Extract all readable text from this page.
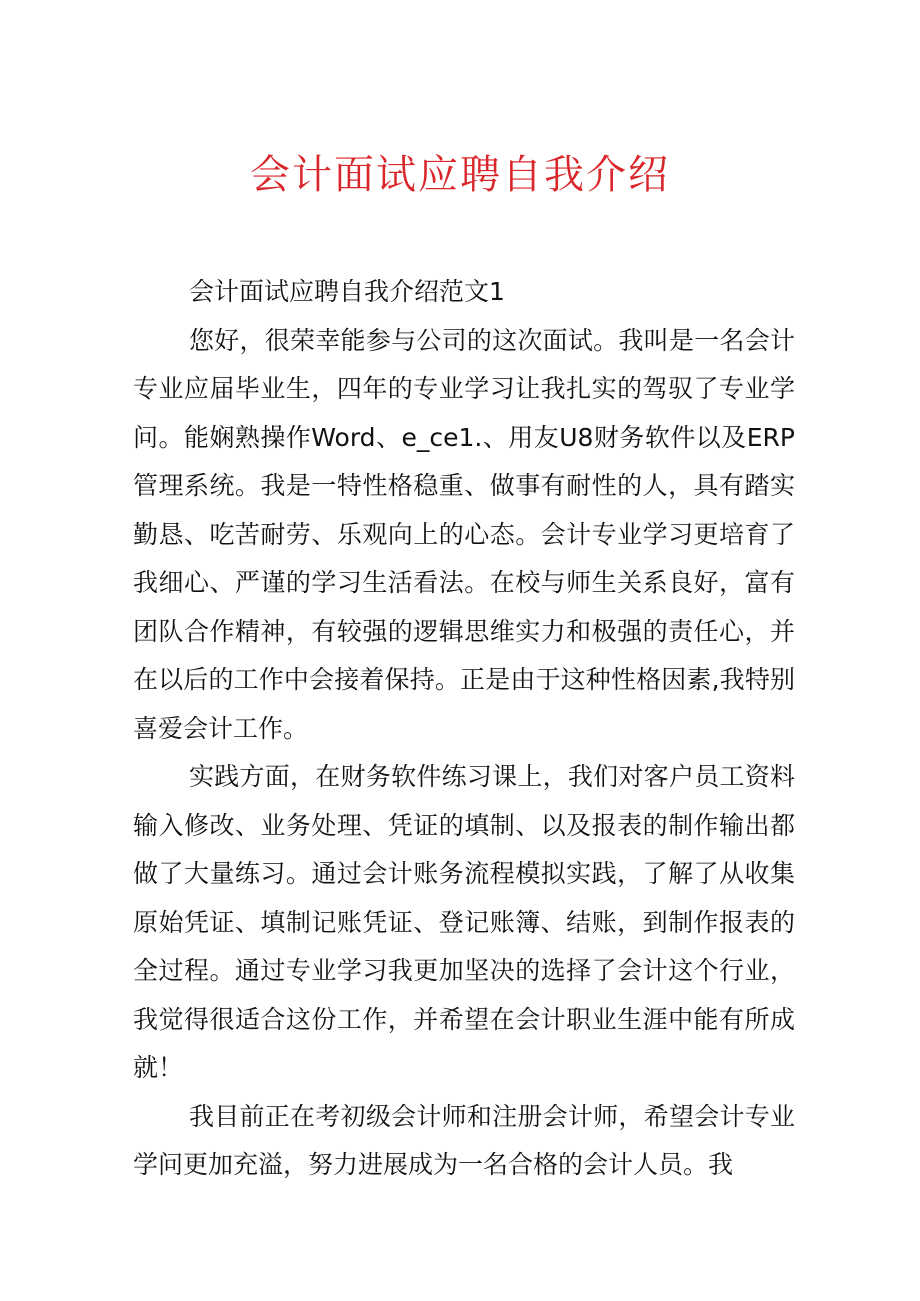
会计面试应聘自我介绍

会计面试应聘自我介绍范文1

您好，很荣幸能参与公司的这次面试。我叫是一名会计专业应届毕业生，四年的专业学习让我扎实的驾驭了专业学问。能娴熟操作Word、e_ce1.、用友U8财务软件以及ERP管理系统。我是一特性格稳重、做事有耐性的人，具有踏实勤恳、吃苦耐劳、乐观向上的心态。会计专业学习更培育了我细心、严谨的学习生活看法。在校与师生关系良好，富有团队合作精神，有较强的逻辑思维实力和极强的责任心，并在以后的工作中会接着保持。正是由于这种性格因素,我特别喜爱会计工作。

实践方面，在财务软件练习课上，我们对客户员工资料输入修改、业务处理、凭证的填制、以及报表的制作输出都做了大量练习。通过会计账务流程模拟实践，了解了从收集原始凭证、填制记账凭证、登记账簿、结账，到制作报表的全过程。通过专业学习我更加坚决的选择了会计这个行业，我觉得很适合这份工作，并希望在会计职业生涯中能有所成就！

我目前正在考初级会计师和注册会计师，希望会计专业学问更加充溢，努力进展成为一名合格的会计人员。我
